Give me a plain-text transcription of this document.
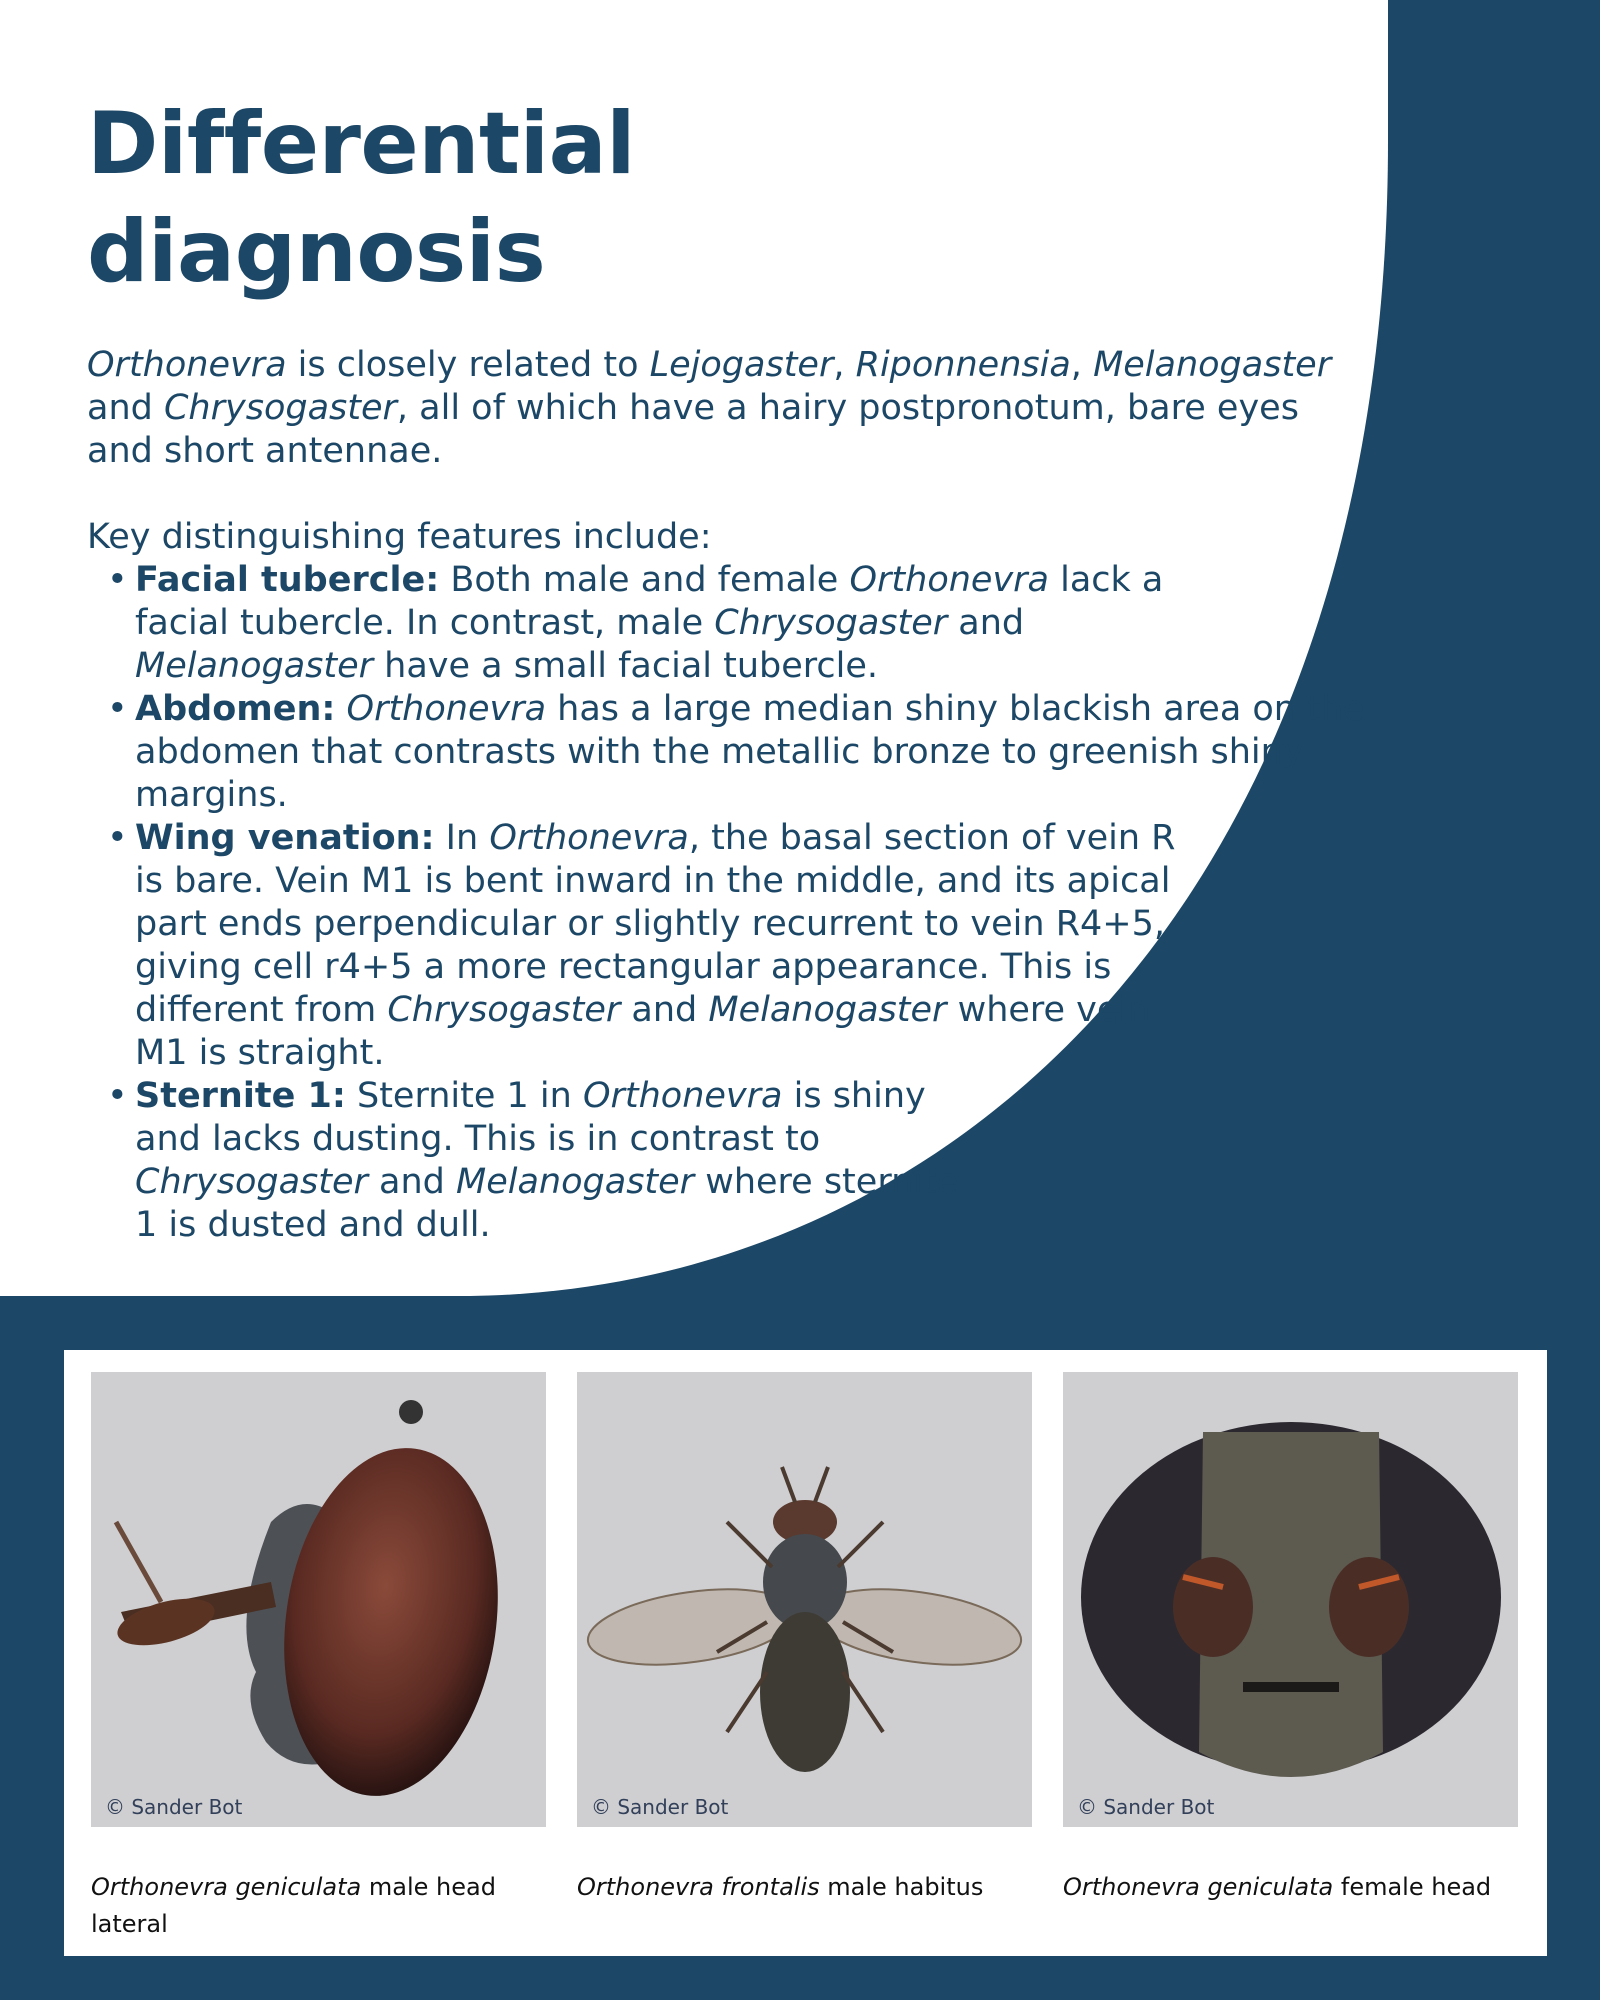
Differential
diagnosis

Orthonevra is closely related to Lejogaster, Riponnensia, Melanogaster and Chrysogaster, all of which have a hairy postpronotum, bare eyes and short antennae.

Key distinguishing features include:

• Facial tubercle: Both male and female Orthonevra lack a facial tubercle. In contrast, male Chrysogaster and Melanogaster have a small facial tubercle.
• Abdomen: Orthonevra has a large median shiny blackish area on the abdomen that contrasts with the metallic bronze to greenish shiny margins.
• Wing venation: In Orthonevra, the basal section of vein R is bare. Vein M1 is bent inward in the middle, and its apical part ends perpendicular or slightly recurrent to vein R4+5, giving cell r4+5 a more rectangular appearance. This is different from Chrysogaster and Melanogaster where vein M1 is straight.
• Sternite 1: Sternite 1 in Orthonevra is shiny and lacks dusting. This is in contrast to Chrysogaster and Melanogaster where sternite 1 is dusted and dull.
© Sander Bot
Orthonevra geniculata male head lateral
© Sander Bot
Orthonevra frontalis male habitus
© Sander Bot
Orthonevra geniculata female head
